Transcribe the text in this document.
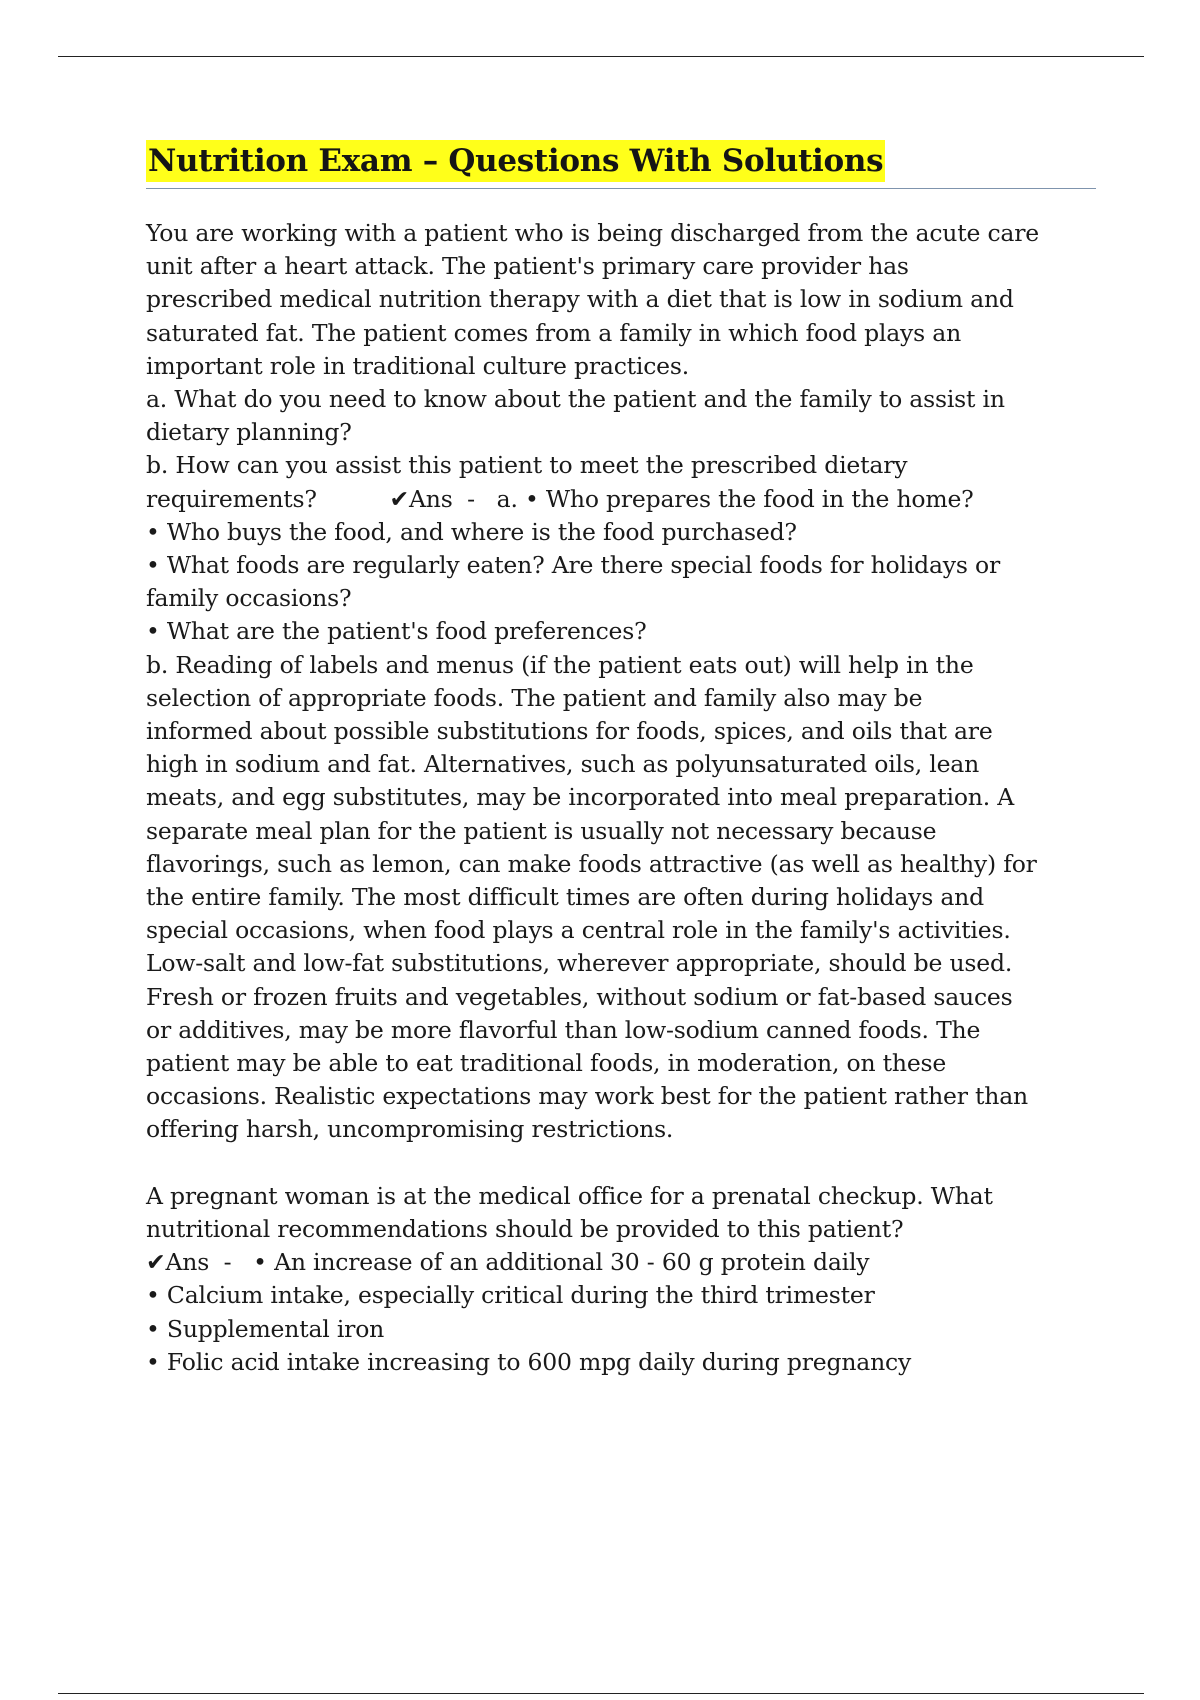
Nutrition Exam – Questions With Solutions
You are working with a patient who is being discharged from the acute care
unit after a heart attack. The patient's primary care provider has
prescribed medical nutrition therapy with a diet that is low in sodium and
saturated fat. The patient comes from a family in which food plays an
important role in traditional culture practices.
a. What do you need to know about the patient and the family to assist in
dietary planning?
b. How can you assist this patient to meet the prescribed dietary
requirements?          ✔Ans  -   a. • Who prepares the food in the home?
• Who buys the food, and where is the food purchased?
• What foods are regularly eaten? Are there special foods for holidays or
family occasions?
• What are the patient's food preferences?
b. Reading of labels and menus (if the patient eats out) will help in the
selection of appropriate foods. The patient and family also may be
informed about possible substitutions for foods, spices, and oils that are
high in sodium and fat. Alternatives, such as polyunsaturated oils, lean
meats, and egg substitutes, may be incorporated into meal preparation. A
separate meal plan for the patient is usually not necessary because
flavorings, such as lemon, can make foods attractive (as well as healthy) for
the entire family. The most difficult times are often during holidays and
special occasions, when food plays a central role in the family's activities.
Low-salt and low-fat substitutions, wherever appropriate, should be used.
Fresh or frozen fruits and vegetables, without sodium or fat-based sauces
or additives, may be more flavorful than low-sodium canned foods. The
patient may be able to eat traditional foods, in moderation, on these
occasions. Realistic expectations may work best for the patient rather than
offering harsh, uncompromising restrictions.
A pregnant woman is at the medical office for a prenatal checkup. What
nutritional recommendations should be provided to this patient?
✔Ans  -   • An increase of an additional 30 - 60 g protein daily
• Calcium intake, especially critical during the third trimester
• Supplemental iron
• Folic acid intake increasing to 600 mpg daily during pregnancy
